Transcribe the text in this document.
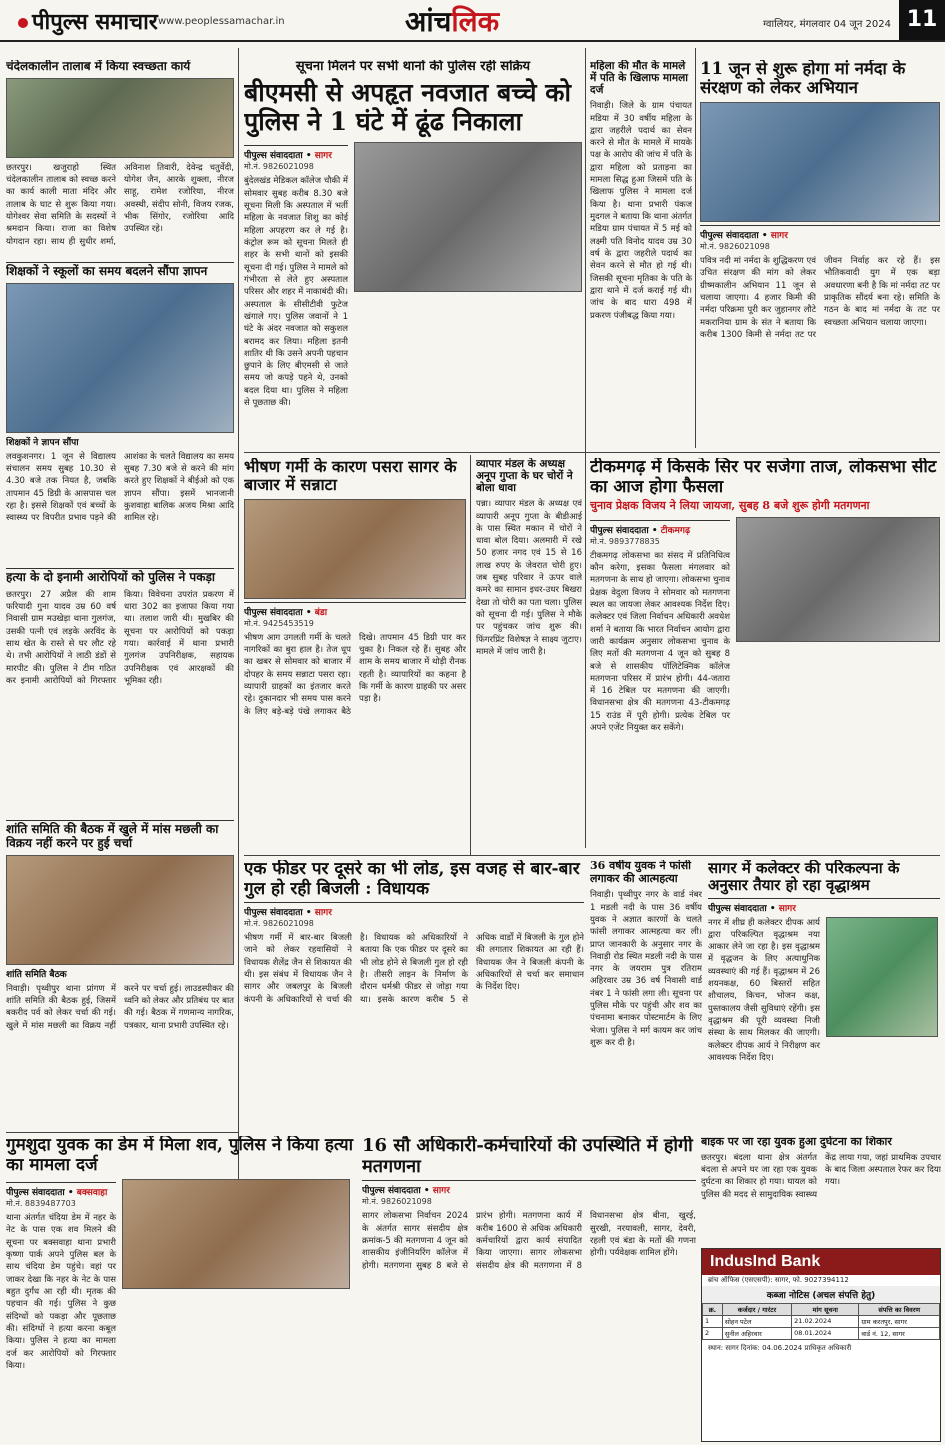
पीपुल्स समाचार www.peoplessamachar.in	आंचलिक	ग्वालियर, मंगलवार 04 जून 2024 11
चंदेलकालीन तालाब में किया स्वच्छता कार्य
छतरपुर। खजुराहो स्थित चंदेलकालीन तालाब को स्वच्छ करने का कार्य काली माता मंदिर और तालाब के घाट से शुरू किया गया। योगेश्वर सेवा समिति के सदस्यों ने श्रमदान किया। राजा का विशेष योगदान रहा। साथ ही सुधीर शर्मा, अविनाश तिवारी, देवेन्द्र चतुर्वेदी, योगेश जैन, आरके शुक्ला, नीरज साहू, रामेश रजोरिया, नीरज अवस्थी, संदीप सोनी, विजय रजक, भीक सिंगोर, रजोरिया आदि उपस्थित रहे।
शिक्षकों ने स्कूलों का समय बदलने सौंपा ज्ञापन
शिक्षकों ने ज्ञापन सौंपा
लवकुशनगर। 1 जून से विद्यालय संचालन समय सुबह 10.30 से 4.30 बजे तक नियत है, जबकि तापमान 45 डिग्री के आसपास चल रहा है। इससे शिक्षकों एवं बच्चों के स्वास्थ्य पर विपरीत प्रभाव पड़ने की आशंका के चलते विद्यालय का समय सुबह 7.30 बजे से करने की मांग करते हुए शिक्षकों ने बीईओ को एक ज्ञापन सौंपा। इसमें भानजानी कुशवाहा बालिक अजय मिश्रा आदि शामिल रहे।
हत्या के दो इनामी आरोपियों को पुलिस ने पकड़ा
छतरपुर। 27 अप्रैल की शाम फरियादी गुना यादव उम्र 60 वर्ष निवासी ग्राम मउखेड़ा थाना गुलगंज, उसकी पत्नी एवं लड़के अरविंद के साथ खेत के रास्ते से घर लौट रहे थे। तभी आरोपियों ने लाठी डंडों से मारपीट की। पुलिस ने टीम गठित कर इनामी आरोपियों को गिरफ्तार किया। विवेचना उपरांत प्रकरण में धारा 302 का इजाफा किया गया था। तलाश जारी थी। मुखबिर की सूचना पर आरोपियों को पकड़ा गया। कार्रवाई में थाना प्रभारी गुलगंज उपनिरीक्षक, सहायक उपनिरीक्षक एवं आरक्षकों की भूमिका रही।
शांति समिति की बैठक में खुले में मांस मछली का विक्रय नहीं करने पर हुई चर्चा
शांति समिति बैठक
निवाड़ी। पृथ्वीपुर थाना प्रांगण में शांति समिति की बैठक हुई, जिसमें बकरीद पर्व को लेकर चर्चा की गई। खुले में मांस मछली का विक्रय नहीं करने पर चर्चा हुई। लाउडस्पीकर की ध्वनि को लेकर और प्रतिबंध पर बात की गई। बैठक में गणमान्य नागरिक, पत्रकार, थाना प्रभारी उपस्थित रहे।
सूचना मिलने पर सभी थानों की पुलिस रही सक्रिय
बीएमसी से अपहृत नवजात बच्चे को पुलिस ने 1 घंटे में ढूंढ निकाला
पीपुल्स संवाददाता • सागर
मो.नं. 9826021098
बुंदेलखंड मेडिकल कॉलेज चौकी में सोमवार सुबह करीब 8.30 बजे सूचना मिली कि अस्पताल में भर्ती महिला के नवजात शिशु का कोई महिला अपहरण कर ले गई है। कंट्रोल रूम को सूचना मिलते ही शहर के सभी थानों को इसकी सूचना दी गई। पुलिस ने मामले को गंभीरता से लेते हुए अस्पताल परिसर और शहर में नाकाबंदी की। अस्पताल के सीसीटीवी फुटेज खंगाले गए। पुलिस जवानों ने 1 घंटे के अंदर नवजात को सकुशल बरामद कर लिया। महिला इतनी शातिर थी कि उसने अपनी पहचान छुपाने के लिए बीएमसी से जाते समय जो कपड़े पहने थे, उनको बदल दिया था। पुलिस ने महिला से पूछताछ की।
महिला की मौत के मामले में पति के खिलाफ मामला दर्ज
निवाड़ी। जिले के ग्राम पंचायत मडिया में 30 वर्षीय महिला के द्वारा जहरीले पदार्थ का सेवन करने से मौत के मामले में मायके पक्ष के आरोप की जांच में पति के द्वारा महिला को प्रताड़ना का मामला सिद्ध हुआ जिसमें पति के खिलाफ पुलिस ने मामला दर्ज किया है। थाना प्रभारी पंकज मुदगल ने बताया कि थाना अंतर्गत मडिया ग्राम पंचायत में 5 मई को लक्ष्मी पति विनोद यादव उम्र 30 वर्ष के द्वारा जहरीले पदार्थ का सेवन करने से मौत हो गई थी। जिसकी सूचना मृतिका के पति के द्वारा थाने में दर्ज कराई गई थी। जांच के बाद धारा 498 में प्रकरण पंजीबद्ध किया गया।
11 जून से शुरू होगा मां नर्मदा के संरक्षण को लेकर अभियान
पीपुल्स संवाददाता • सागर
मो.नं. 9826021098
पवित्र नदी मां नर्मदा के शुद्धिकरण एवं उचित संरक्षण की मांग को लेकर ग्रीष्मकालीन अभियान 11 जून से चलाया जाएगा। 4 हजार किमी की नर्मदा परिक्रमा पूरी कर जुहानगर लौटे मकरानिया ग्राम के संत ने बताया कि करीब 1300 किमी से नर्मदा तट पर जीवन निर्वाह कर रहे हैं। इस भौतिकवादी युग में एक बड़ा अवधारणा बनी है कि मां नर्मदा तट पर प्राकृतिक सौंदर्य बना रहे। समिति के गठन के बाद मां नर्मदा के तट पर स्वच्छता अभियान चलाया जाएगा।
भीषण गर्मी के कारण पसरा सागर के बाजार में सन्नाटा
पीपुल्स संवाददाता • बंडा
मो.नं. 9425453519
भीषण आग उगलती गर्मी के चलते नागरिकों का बुरा हाल है। तेज धूप का खबर से सोमवार को बाजार में दोपहर के समय सन्नाटा पसरा रहा। व्यापारी ग्राहकों का इंतजार करते रहे। दुकानदार भी समय पास करने के लिए बड़े-बड़े पंखे लगाकर बैठे दिखे। तापमान 45 डिग्री पार कर चुका है। निकल रहे हैं। सुबह और शाम के समय बाजार में थोड़ी रौनक रहती है। व्यापारियों का कहना है कि गर्मी के कारण ग्राहकी पर असर पड़ा है।
व्यापार मंडल के अध्यक्ष अनूप गुप्ता के घर चोरों ने बोला धावा
पन्ना। व्यापार मंडल के अध्यक्ष एवं व्यापारी अनूप गुप्ता के बीडीआई के पास स्थित मकान में चोरों ने धावा बोल दिया। अलमारी में रखे 50 हजार नगद एवं 15 से 16 लाख रुपए के जेवरात चोरी हुए। जब सुबह परिवार ने ऊपर वाले कमरे का सामान इधर-उधर बिखरा देखा तो चोरी का पता चला। पुलिस को सूचना दी गई। पुलिस ने मौके पर पहुंचकर जांच शुरू की। फिंगरप्रिंट विशेषज्ञ ने साक्ष्य जुटाए। मामले में जांच जारी है।
टीकमगढ़ में किसके सिर पर सजेगा ताज, लोकसभा सीट का आज होगा फैसला
चुनाव प्रेक्षक विजय ने लिया जायजा, सुबह 8 बजे शुरू होगी मतगणना
पीपुल्स संवाददाता • टीकमगढ़
मो.नं. 9893778835
टीकमगढ़ लोकसभा का संसद में प्रतिनिधित्व कौन करेगा, इसका फैसला मंगलवार को मतगणना के साथ हो जाएगा। लोकसभा चुनाव प्रेक्षक वेदुला विजय ने सोमवार को मतगणना स्थल का जायजा लेकर आवश्यक निर्देश दिए। कलेक्टर एवं जिला निर्वाचन अधिकारी अवधेश शर्मा ने बताया कि भारत निर्वाचन आयोग द्वारा जारी कार्यक्रम अनुसार लोकसभा चुनाव के लिए मतों की मतगणना 4 जून को सुबह 8 बजे से शासकीय पॉलिटेक्निक कॉलेज मतगणना परिसर में प्रारंभ होगी। 44-जतारा में 16 टेबिल पर मतगणना की जाएगी। विधानसभा क्षेत्र की मतगणना 43-टीकमगढ़ 15 राउंड में पूरी होगी। प्रत्येक टेबिल पर अपने एजेंट नियुक्त कर सकेंगे।
एक फीडर पर दूसरे का भी लोड, इस वजह से बार-बार गुल हो रही बिजली : विधायक
पीपुल्स संवाददाता • सागर
मो.नं. 9826021098
भीषण गर्मी में बार-बार बिजली जाने को लेकर रहवासियों ने विधायक शैलेंद्र जैन से शिकायत की थी। इस संबंध में विधायक जैन ने सागर और जबलपुर के बिजली कंपनी के अधिकारियों से चर्चा की है। विधायक को अधिकारियों ने बताया कि एक फीडर पर दूसरे का भी लोड होने से बिजली गुल हो रही है। तीसरी लाइन के निर्माण के दौरान धर्मश्री फीडर से जोड़ा गया था। इसके कारण करीब 5 से अधिक वार्डों में बिजली के गुल होने की लगातार शिकायत आ रही हैं। विधायक जैन ने बिजली कंपनी के अधिकारियों से चर्चा कर समाधान के निर्देश दिए।
36 वर्षीय युवक ने फांसी लगाकर की आत्महत्या
निवाड़ी। पृथ्वीपुर नगर के वार्ड नंबर 1 मडली नदी के पास 36 वर्षीय युवक ने अज्ञात कारणों के चलते फांसी लगाकर आत्महत्या कर ली। प्राप्त जानकारी के अनुसार नगर के निवाड़ी रोड स्थित मडली नदी के पास नगर के जयराम पुत्र रतिराम अहिरवार उम्र 36 वर्ष निवासी वार्ड नंबर 1 ने फांसी लगा ली। सूचना पर पुलिस मौके पर पहुंची और शव का पंचनामा बनाकर पोस्टमार्टम के लिए भेजा। पुलिस ने मर्ग कायम कर जांच शुरू कर दी है।
सागर में कलेक्टर की परिकल्पना के अनुसार तैयार हो रहा वृद्धाश्रम
पीपुल्स संवाददाता • सागर
नगर में शीघ्र ही कलेक्टर दीपक आर्य द्वारा परिकल्पित वृद्धाश्रम नया आकार लेने जा रहा है। इस वृद्धाश्रम में वृद्धजन के लिए अत्याधुनिक व्यवस्थाएं की गई हैं। वृद्धाश्रम में 26 शयनकक्ष, 60 बिस्तरों सहित शौचालय, किचन, भोजन कक्ष, पुस्तकालय जैसी सुविधाएं रहेंगी। इस वृद्धाश्रम की पूरी व्यवस्था निजी संस्था के साथ मिलकर की जाएगी। कलेक्टर दीपक आर्य ने निरीक्षण कर आवश्यक निर्देश दिए।
गुमशुदा युवक का डेम में मिला शव, पुलिस ने किया हत्या का मामला दर्ज
पीपुल्स संवाददाता • बक्सवाहा
मो.नं. 8839487703
थाना अंतर्गत चंदिया डेम में नहर के नेट के पास एक शव मिलने की सूचना पर बक्सवाहा थाना प्रभारी कृष्णा पार्क अपने पुलिस बल के साथ चंदिया डेम पहुंचे। वहां पर जाकर देखा कि नहर के नेट के पास बहुत दुर्गंध आ रही थी। मृतक की पहचान की गई। पुलिस ने कुछ संदिग्धों को पकड़ा और पूछताछ की। संदिग्धों ने हत्या करना कबूल किया। पुलिस ने हत्या का मामला दर्ज कर आरोपियों को गिरफ्तार किया।
16 सौ अधिकारी-कर्मचारियों की उपस्थिति में होगी मतगणना
पीपुल्स संवाददाता • सागर
मो.नं. 9826021098
सागर लोकसभा निर्वाचन 2024 के अंतर्गत सागर संसदीय क्षेत्र क्रमांक-5 की मतगणना 4 जून को शासकीय इंजीनियरिंग कॉलेज में होगी। मतगणना सुबह 8 बजे से प्रारंभ होगी। मतगणना कार्य में करीब 1600 से अधिक अधिकारी कर्मचारियों द्वारा कार्य संपादित किया जाएगा। सागर लोकसभा संसदीय क्षेत्र की मतगणना में 8 विधानसभा क्षेत्र बीना, खुरई, सुरखी, नरयावली, सागर, देवरी, रहली एवं बंडा के मतों की गणना होगी। पर्यवेक्षक शामिल होंगे।
बाइक पर जा रहा युवक हुआ दुर्घटना का शिकार
छतरपुर। बंदला थाना क्षेत्र अंतर्गत बंदला से अपने घर जा रहा एक युवक दुर्घटना का शिकार हो गया। घायल को पुलिस की मदद से सामुदायिक स्वास्थ्य केंद्र लाया गया, जहां प्राथमिक उपचार के बाद जिला अस्पताल रेफर कर दिया गया।
IndusInd Bank
ब्रांच ऑफिस (एसएसपी): सागर, फो. 9027394112
कब्जा नोटिस (अचल संपत्ति हेतु)
क्र.	कर्जदार / गारंटर	मांग सूचना	संपत्ति का विवरण
1	सोहन पटेल	21.02.2024	ग्राम करतपुर, सागर
2	सुनील अहिरवार	08.01.2024	वार्ड नं. 12, सागर
स्थान: सागर दिनांक: 04.06.2024 प्राधिकृत अधिकारी
